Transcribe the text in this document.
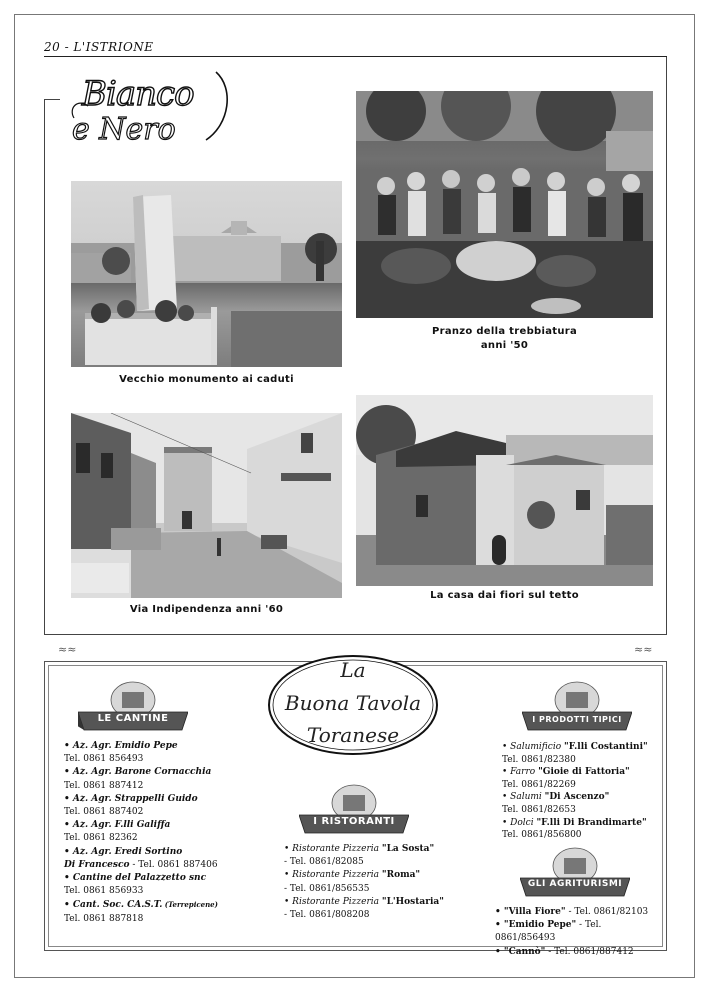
20 - L'ISTRIONE
Bianco
e Nero
Vecchio monumento ai caduti
Pranzo della trebbiatura
anni '50
Via Indipendenza anni '60
La casa dai fiori sul tetto
≈≈	≈≈
La
Buona Tavola
Toranese
LE CANTINE
I RISTORANTI
I PRODOTTI TIPICI
GLI AGRITURISMI
• Az. Agr. Emidio Pepe
Tel. 0861 856493
• Az. Agr. Barone Cornacchia
Tel. 0861 887412
• Az. Agr. Strappelli Guido
Tel. 0861 887402
• Az. Agr. F.lli Galiffa
Tel. 0861 82362
• Az. Agr. Eredi Sortino
Di Francesco - Tel. 0861 887406
• Cantine del Palazzetto snc
Tel. 0861 856933
• Cant. Soc. CA.S.T. (Terrepicene)
Tel. 0861 887818
• Ristorante Pizzeria "La Sosta"
- Tel. 0861/82085
• Ristorante Pizzeria "Roma"
- Tel. 0861/856535
• Ristorante Pizzeria "L'Hostaria"
- Tel. 0861/808208
• Salumificio "F.lli Costantini"
Tel. 0861/82380
• Farro "Gioie di Fattoria"
Tel. 0861/82269
• Salumi "Di Ascenzo"
Tel. 0861/82653
• Dolci "F.lli Di Brandimarte"
Tel. 0861/856800
• "Villa Fiore" - Tel. 0861/82103
• "Emidio Pepe" - Tel. 0861/856493
• "Cannò" - Tel. 0861/887412
